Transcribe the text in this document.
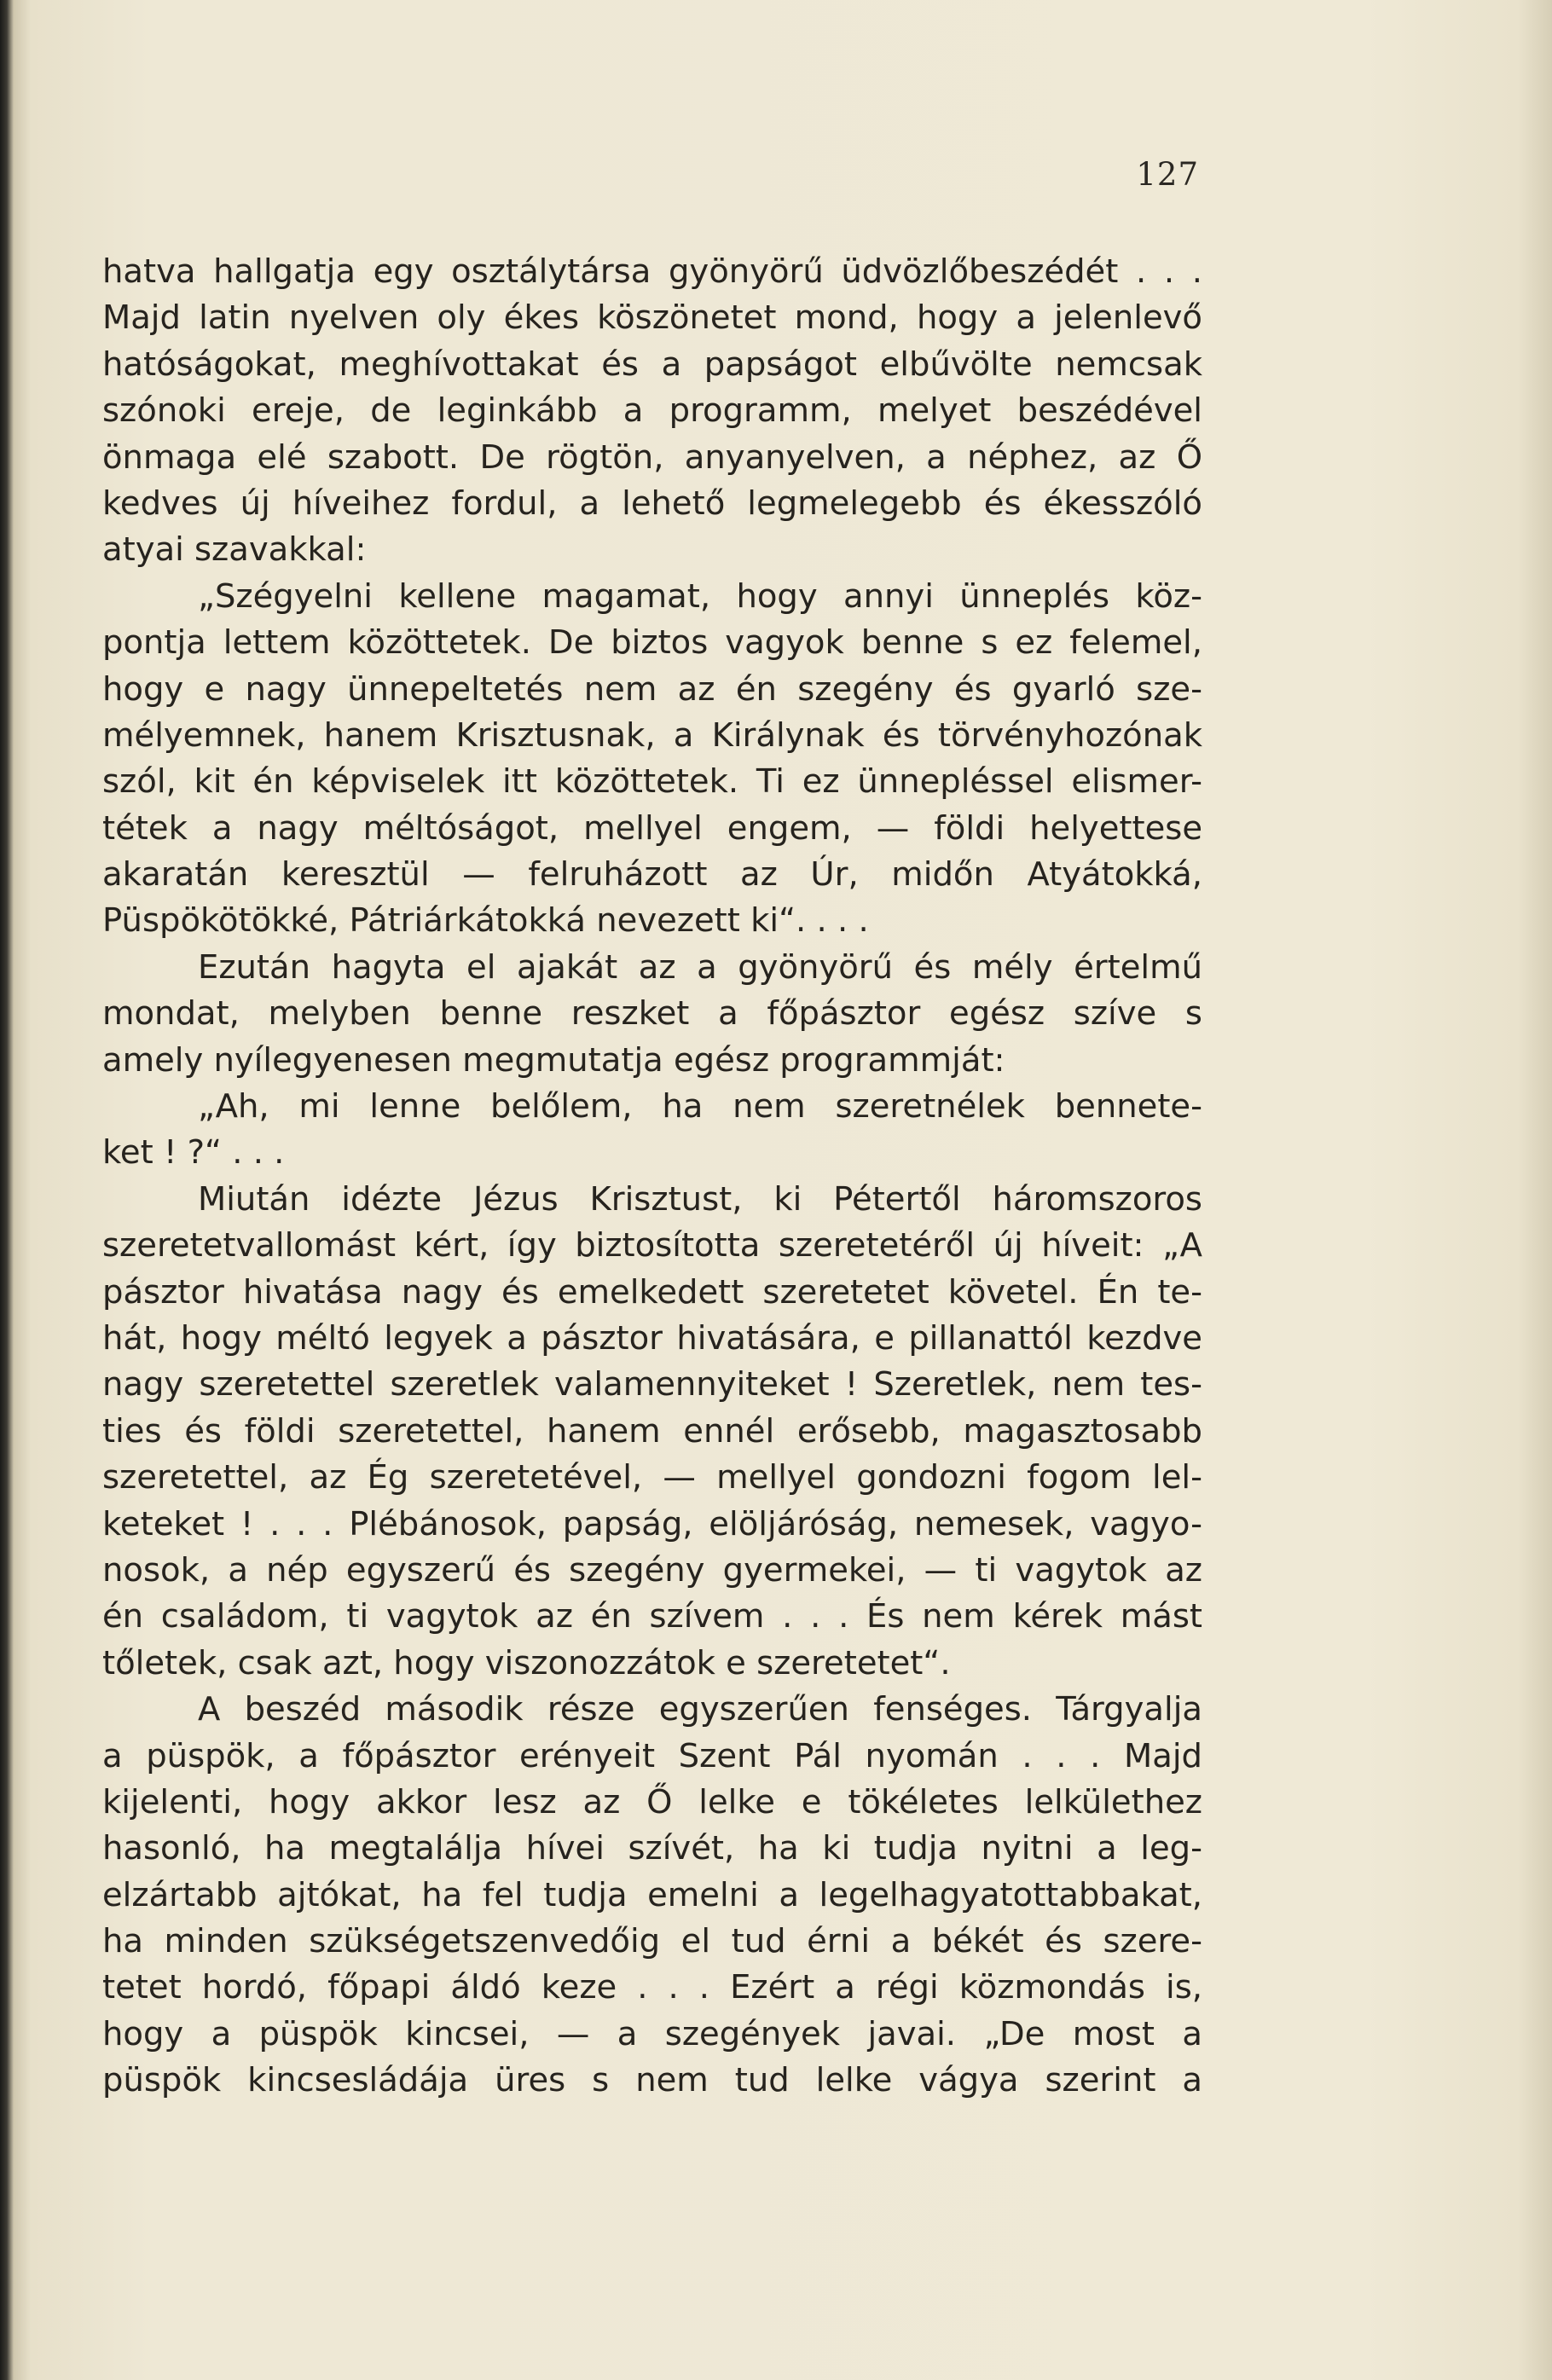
127
hatva hallgatja egy osztálytársa gyönyörű üdvözlőbeszédét . . .
Majd latin nyelven oly ékes köszönetet mond, hogy a jelenlevő
hatóságokat, meghívottakat és a papságot elbűvölte nemcsak
szónoki ereje, de leginkább a programm, melyet beszédével
önmaga elé szabott. De rögtön, anyanyelven, a néphez, az Ő
kedves új híveihez fordul, a lehető legmelegebb és ékesszóló
atyai szavakkal:
„Szégyelni kellene magamat, hogy annyi ünneplés köz-
pontja lettem közöttetek. De biztos vagyok benne s ez felemel,
hogy e nagy ünnepeltetés nem az én szegény és gyarló sze-
mélyemnek, hanem Krisztusnak, a Királynak és törvényhozónak
szól, kit én képviselek itt közöttetek. Ti ez ünnepléssel elismer-
tétek a nagy méltóságot, mellyel engem, — földi helyettese
akaratán keresztül — felruházott az Úr, midőn Atyátokká,
Püspökötökké, Pátriárkátokká nevezett ki“. . . .
Ezután hagyta el ajakát az a gyönyörű és mély értelmű
mondat, melyben benne reszket a főpásztor egész szíve s
amely nyílegyenesen megmutatja egész programmját:
„Ah, mi lenne belőlem, ha nem szeretnélek bennete-
ket ! ?“ . . .
Miután idézte Jézus Krisztust, ki Pétertől háromszoros
szeretetvallomást kért, így biztosította szeretetéről új híveit: „A
pásztor hivatása nagy és emelkedett szeretetet követel. Én te-
hát, hogy méltó legyek a pásztor hivatására, e pillanattól kezdve
nagy szeretettel szeretlek valamennyiteket ! Szeretlek, nem tes-
ties és földi szeretettel, hanem ennél erősebb, magasztosabb
szeretettel, az Ég szeretetével, — mellyel gondozni fogom lel-
keteket ! . . . Plébánosok, papság, elöljáróság, nemesek, vagyo-
nosok, a nép egyszerű és szegény gyermekei, — ti vagytok az
én családom, ti vagytok az én szívem . . . És nem kérek mást
tőletek, csak azt, hogy viszonozzátok e szeretetet“.
A beszéd második része egyszerűen fenséges. Tárgyalja
a püspök, a főpásztor erényeit Szent Pál nyomán . . . Majd
kijelenti, hogy akkor lesz az Ő lelke e tökéletes lelkülethez
hasonló, ha megtalálja hívei szívét, ha ki tudja nyitni a leg-
elzártabb ajtókat, ha fel tudja emelni a legelhagyatottabbakat,
ha minden szükségetszenvedőig el tud érni a békét és szere-
tetet hordó, főpapi áldó keze . . . Ezért a régi közmondás is,
hogy a püspök kincsei, — a szegények javai. „De most a
püspök kincsesládája üres s nem tud lelke vágya szerint a
